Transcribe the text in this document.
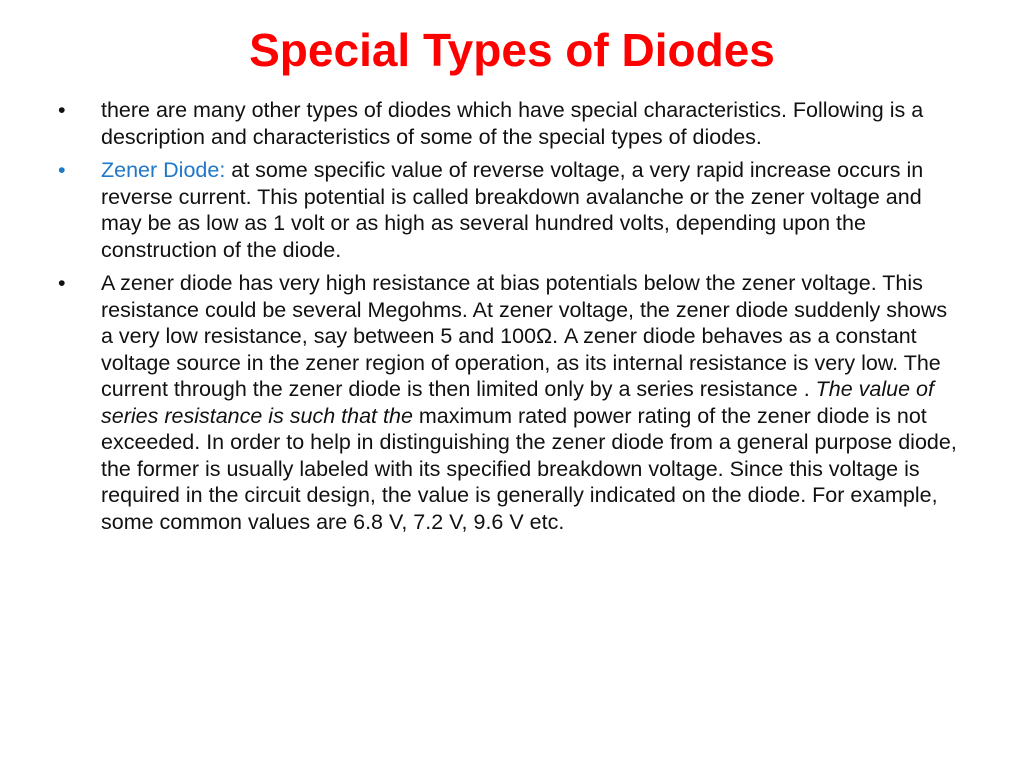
Special Types of Diodes
•	there are many other types of diodes which have special characteristics. Following is a description and characteristics of some of the special types of diodes.
•	Zener Diode: at some specific value of reverse voltage, a very rapid increase occurs in reverse current. This potential is called breakdown avalanche or the zener voltage and may be as low as 1 volt or as high as several hundred volts, depending upon the construction of the diode.
•	A zener diode has very high resistance at bias potentials below the zener voltage. This resistance could be several Megohms. At zener voltage, the zener diode suddenly shows a very low resistance, say between 5 and 100Ω. A zener diode behaves as a constant voltage source in the zener region of operation, as its internal resistance is very low. The current through the zener diode is then limited only by a series resistance . The value of series resistance is such that the maximum rated power rating of the zener diode is not exceeded. In order to help in distinguishing the zener diode from a general purpose diode, the former is usually labeled with its specified breakdown voltage. Since this voltage is required in the circuit design, the value is generally indicated on the diode. For example, some common values are 6.8 V, 7.2 V, 9.6 V etc.
